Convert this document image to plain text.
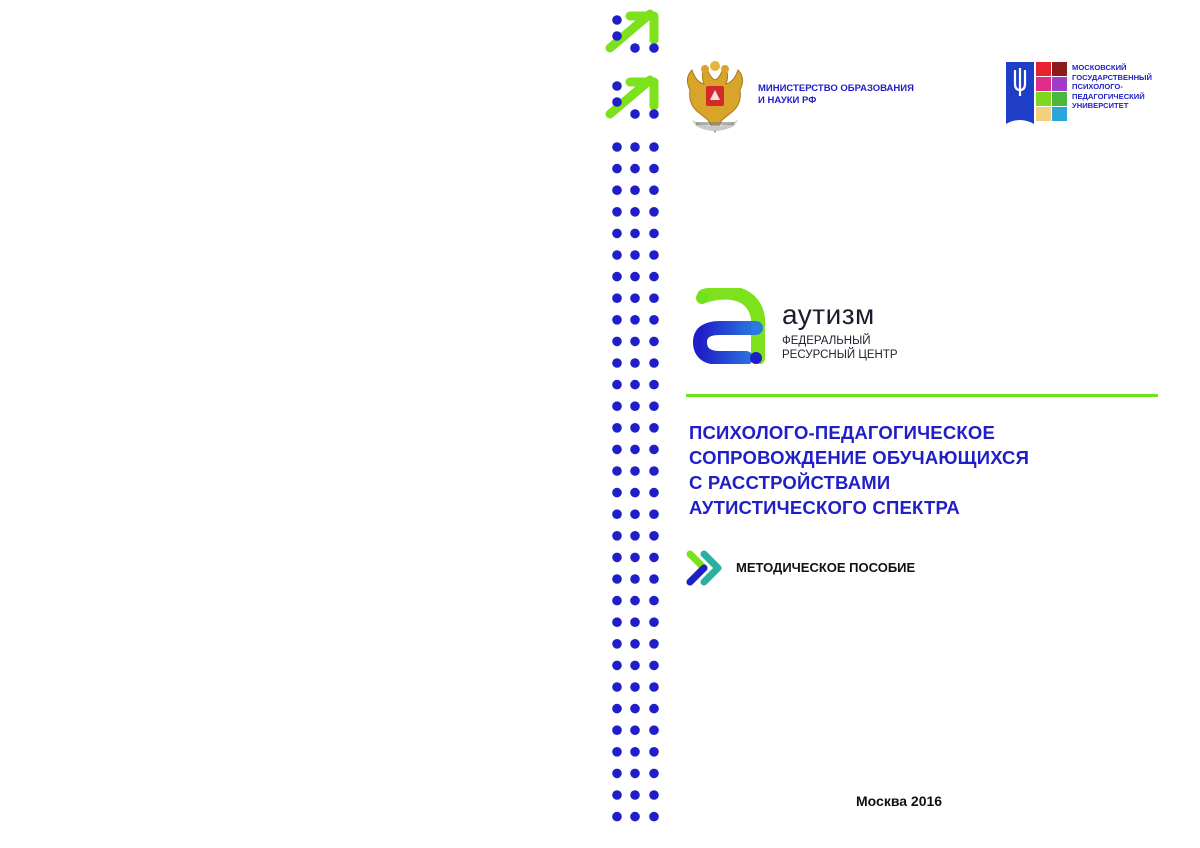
МИНИСТЕРСТВО ОБРАЗОВАНИЯ
И НАУКИ РФ
МОСКОВСКИЙ
ГОСУДАРСТВЕННЫЙ
ПСИХОЛОГО-
ПЕДАГОГИЧЕСКИЙ
УНИВЕРСИТЕТ
аутизм
ФЕДЕРАЛЬНЫЙ
РЕСУРСНЫЙ ЦЕНТР
ПСИХОЛОГО-ПЕДАГОГИЧЕСКОЕ
СОПРОВОЖДЕНИЕ ОБУЧАЮЩИХСЯ
С РАССТРОЙСТВАМИ
АУТИСТИЧЕСКОГО СПЕКТРА
МЕТОДИЧЕСКОЕ ПОСОБИЕ
Москва 2016
